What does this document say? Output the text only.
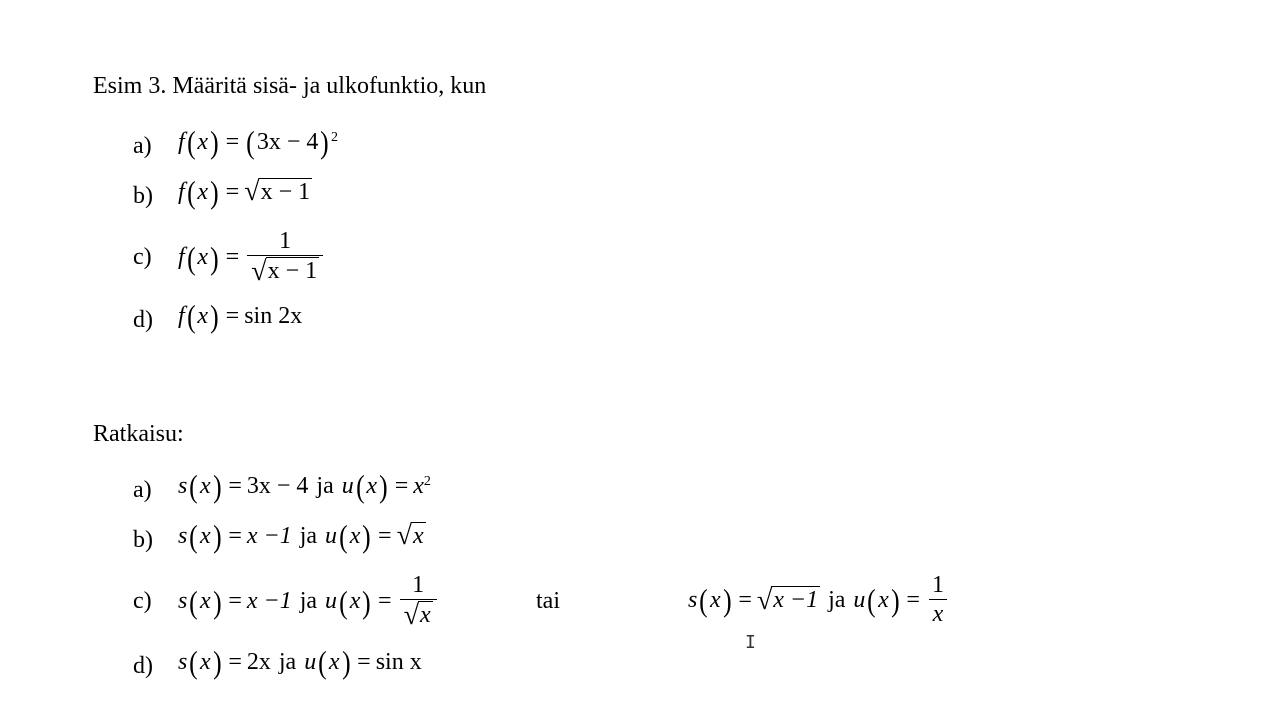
Esim 3. Määritä sisä- ja ulkofunktio, kun
a) f ( x ) = ( 3x − 4 )$^2$
b) f ( x ) = √ x − 1
c) f ( x ) = $\frac{1}{√ x - 1}$
d) f ( x ) = sin 2x
Ratkaisu:
a) s ( x ) = 3x − 4 ja u ( x ) = $x^2$
b) s ( x ) = x −1 ja u ( x ) = √ x
c) s ( x ) = x −1 ja u ( x ) = $\frac{1}{√ x}$	tai	s ( x ) = √ x −1 ja u ( x ) = $\frac{1}{x}$
d) s ( x ) = 2x ja u ( x ) = sin x
I
